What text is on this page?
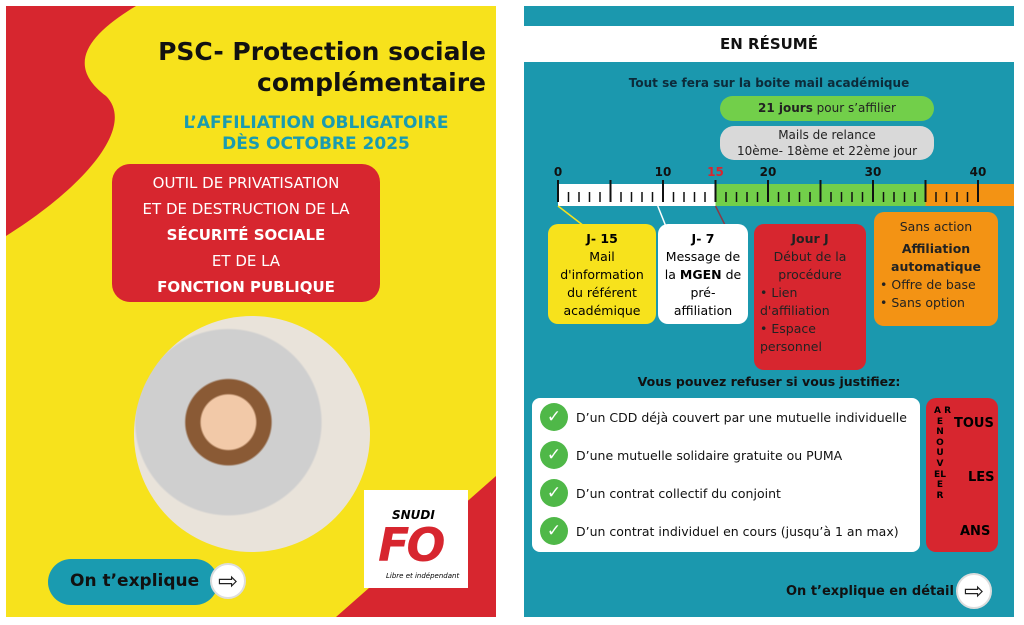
PSC- Protection sociale
complémentaire
L’AFFILIATION OBLIGATOIRE
DÈS OCTOBRE 2025
OUTIL DE PRIVATISATION
ET DE DESTRUCTION DE LA
SÉCURITÉ SOCIALE
ET DE LA
FONCTION PUBLIQUE
SNUDI
FO
Libre et indépendant
On t’explique ⇨
EN RÉSUMÉ
Tout se fera sur la boite mail académique
21 jours pour s’affilier
Mails de relance
10ème- 18ème et 22ème jour
0	10	15	20	30	40
J- 15
Mail
d'information
du référent
académique
J- 7
Message de
la MGEN de
pré-
affiliation
Jour J
Début de la
procédure
• Lien d'affiliation
• Espace personnel
Sans action
Affiliation
automatique
• Offre de base
• Sans option
Vous pouvez refuser si vous justifiez:
✓	D’un CDD déjà couvert par une mutuelle individuelle
✓	D’une mutuelle solidaire gratuite ou PUMA
✓	D’un contrat collectif du conjoint
✓	D’un contrat individuel en cours (jusqu’à 1 an max)
A RENOUVELER
TOUS
LES
ANS
On t’explique en détail ⇨
